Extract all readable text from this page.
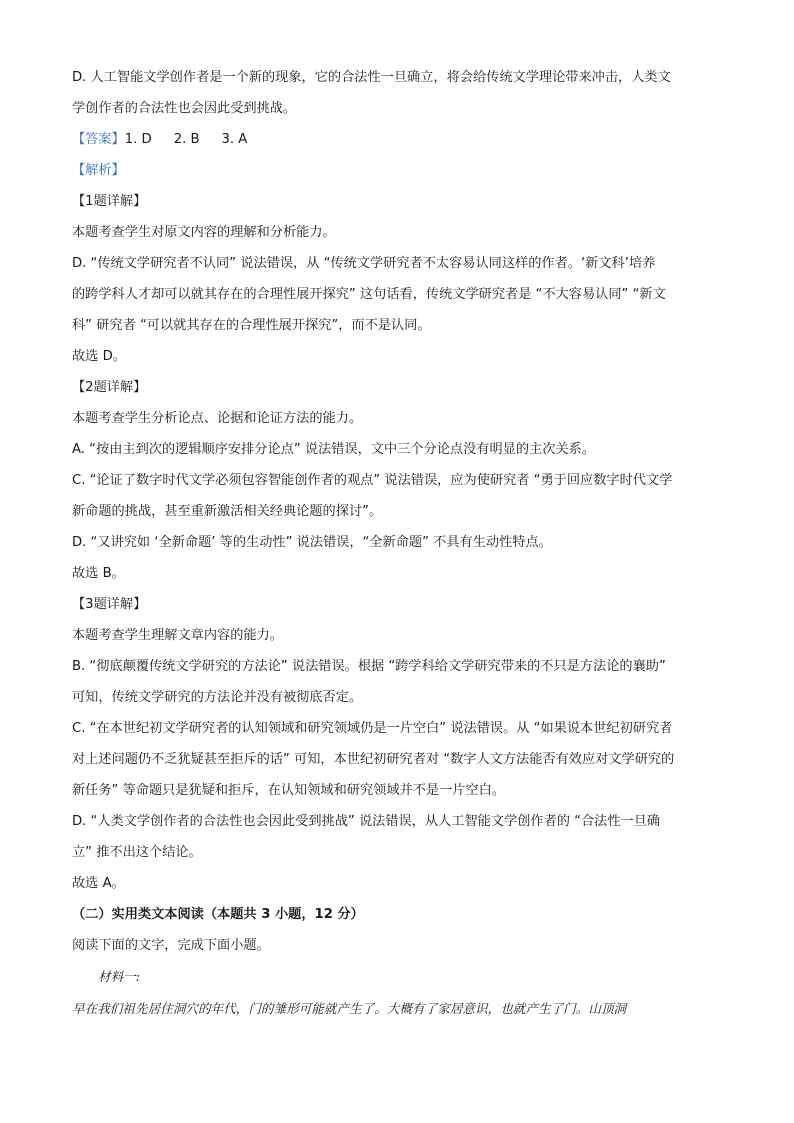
D. 人工智能文学创作者是一个新的现象，它的合法性一旦确立，将会给传统文学理论带来冲击，人类文
学创作者的合法性也会因此受到挑战。
【答案】1. D 2. B 3. A
【解析】
【1题详解】
本题考查学生对原文内容的理解和分析能力。
D. “传统文学研究者不认同” 说法错误，从 “传统文学研究者不太容易认同这样的作者。‘新文科’培养
的跨学科人才却可以就其存在的合理性展开探究” 这句话看，传统文学研究者是 “不大容易认同” “新文
科” 研究者 “可以就其存在的合理性展开探究”，而不是认同。
故选 D。
【2题详解】
本题考查学生分析论点、论据和论证方法的能力。
A. “按由主到次的逻辑顺序安排分论点” 说法错误，文中三个分论点没有明显的主次关系。
C. “论证了数字时代文学必须包容智能创作者的观点” 说法错误，应为使研究者 “勇于回应数字时代文学
新命题的挑战，甚至重新激活相关经典论题的探讨”。
D. “又讲究如 ‘全新命题’ 等的生动性” 说法错误，“全新命题” 不具有生动性特点。
故选 B。
【3题详解】
本题考查学生理解文章内容的能力。
B. “彻底颠覆传统文学研究的方法论” 说法错误。根据 “跨学科给文学研究带来的不只是方法论的襄助”
可知，传统文学研究的方法论并没有被彻底否定。
C. “在本世纪初文学研究者的认知领域和研究领域仍是一片空白” 说法错误。从 “如果说本世纪初研究者
对上述问题仍不乏犹疑甚至拒斥的话” 可知，本世纪初研究者对 “数字人文方法能否有效应对文学研究的
新任务” 等命题只是犹疑和拒斥，在认知领域和研究领域并不是一片空白。
D. “人类文学创作者的合法性也会因此受到挑战” 说法错误，从人工智能文学创作者的 “合法性一旦确
立” 推不出这个结论。
故选 A。
（二）实用类文本阅读（本题共 3 小题，12 分）
阅读下面的文字，完成下面小题。
材料一:
早在我们祖先居住洞穴的年代，门的雏形可能就产生了。大概有了家居意识，也就产生了门。山顶洞
